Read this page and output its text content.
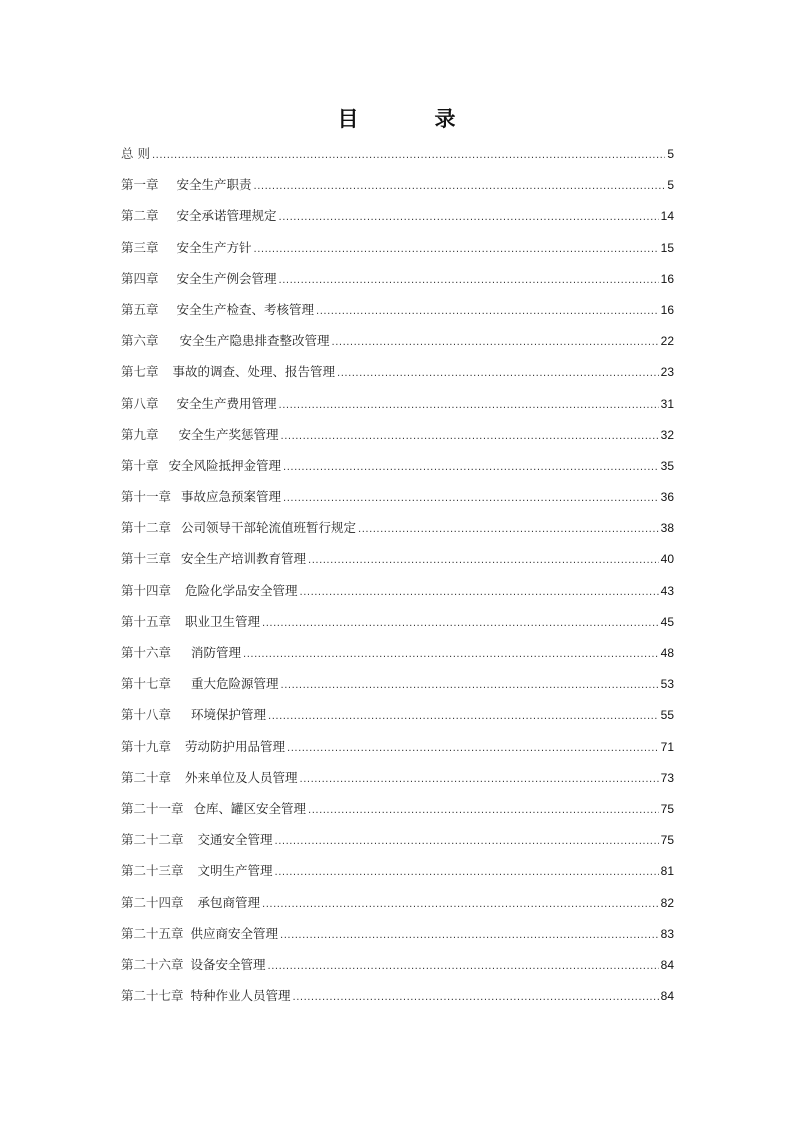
目	录
总 则 .....	5
第一章 安全生产职责 .....	5
第二章 安全承诺管理规定 .....	14
第三章 安全生产方针 .....	15
第四章 安全生产例会管理 .....	16
第五章 安全生产检查、考核管理 .....	16
第六章 安全生产隐患排查整改管理 .....	22
第七章 事故的调查、处理、报告管理 .....	23
第八章 安全生产费用管理 .....	31
第九章 安全生产奖惩管理 .....	32
第十章 安全风险抵押金管理 .....	35
第十一章 事故应急预案管理 .....	36
第十二章 公司领导干部轮流值班暂行规定 .....	38
第十三章 安全生产培训教育管理 .....	40
第十四章 危险化学品安全管理 .....	43
第十五章 职业卫生管理 .....	45
第十六章 消防管理 .....	48
第十七章 重大危险源管理 .....	53
第十八章 环境保护管理 .....	55
第十九章 劳动防护用品管理 .....	71
第二十章 外来单位及人员管理 .....	73
第二十一章 仓库、罐区安全管理 .....	75
第二十二章 交通安全管理 .....	75
第二十三章 文明生产管理 .....	81
第二十四章 承包商管理 .....	82
第二十五章 供应商安全管理 .....	83
第二十六章 设备安全管理 .....	84
第二十七章 特种作业人员管理 .....	84
